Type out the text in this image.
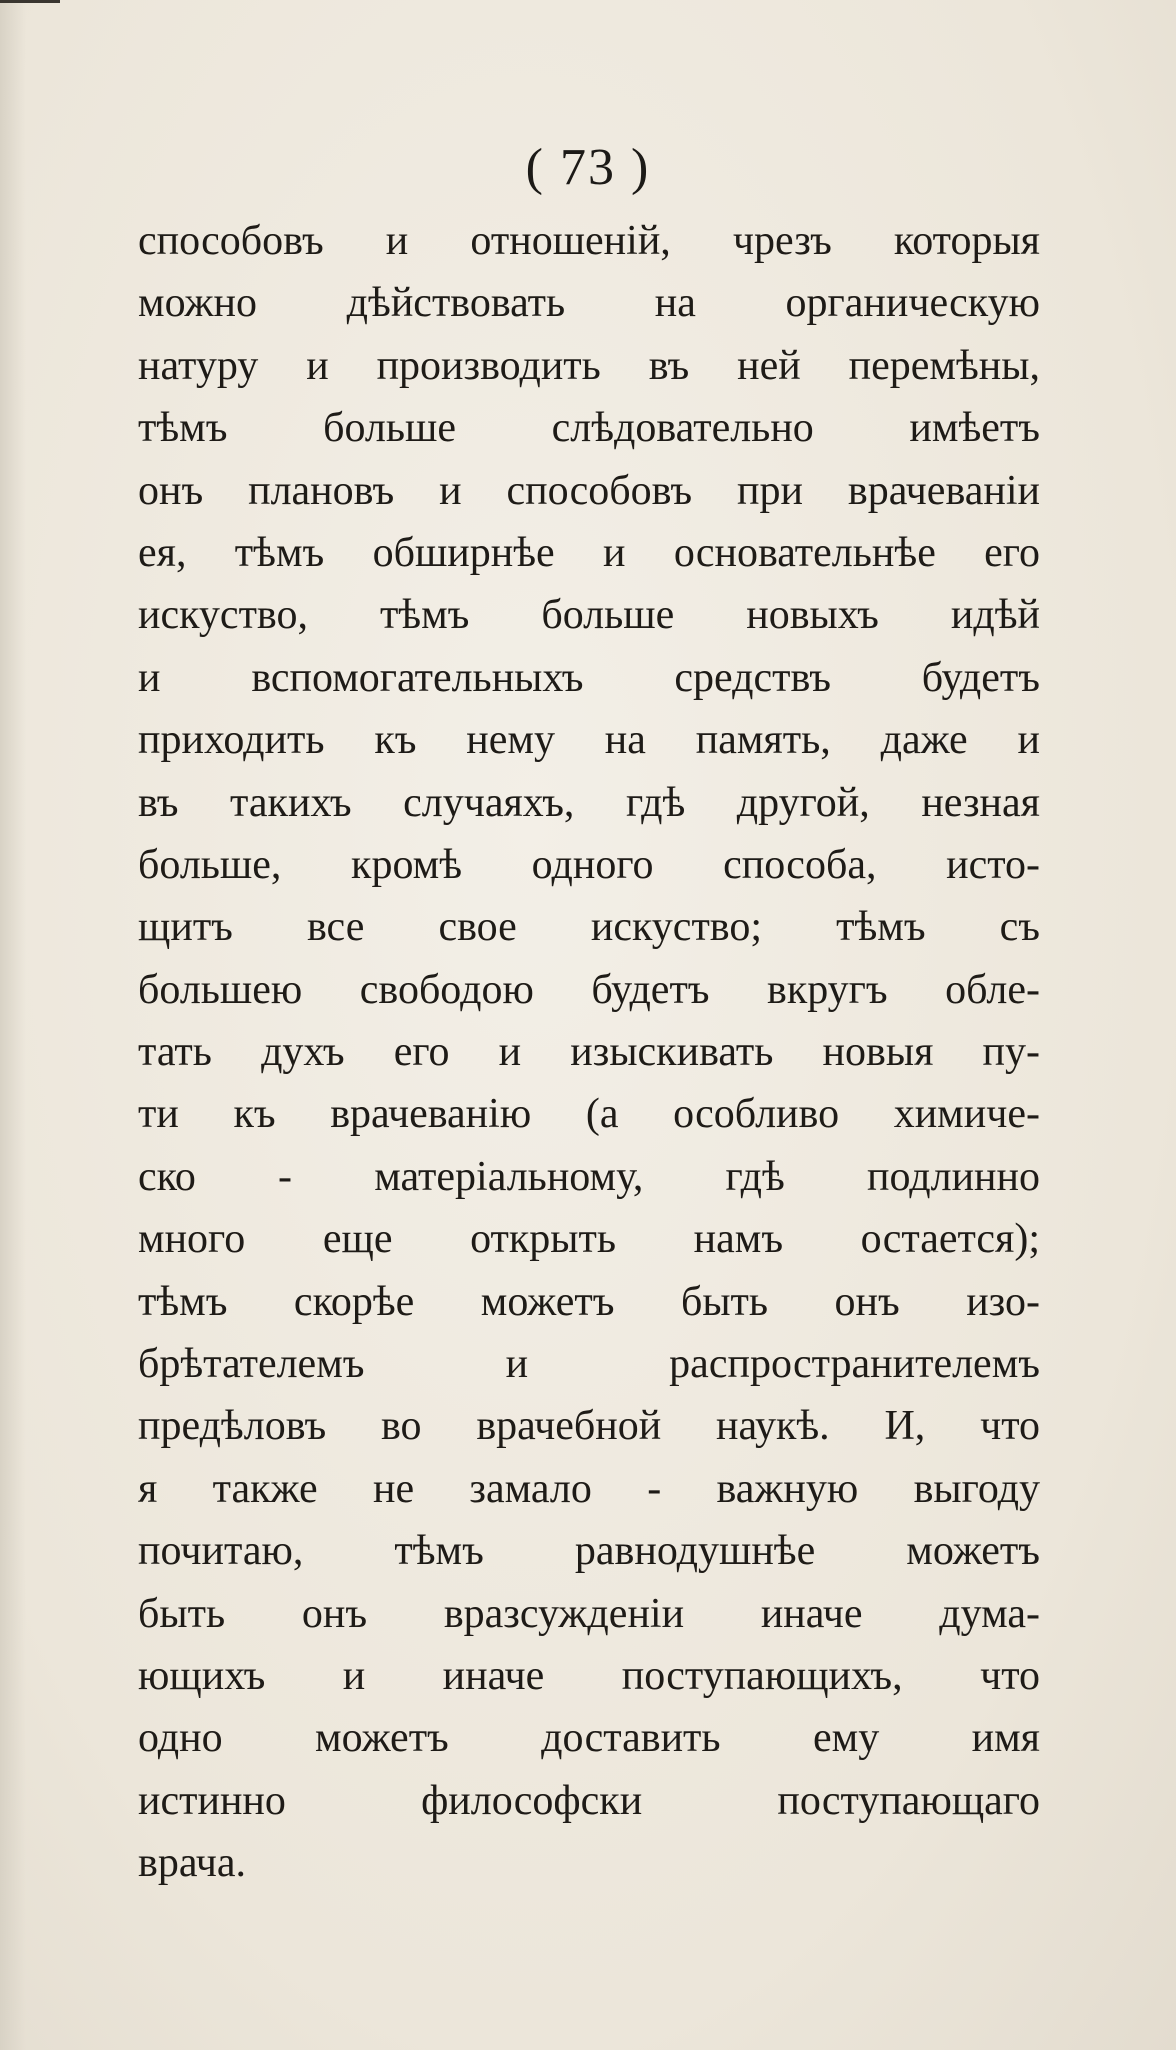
( 73 )
способовъ и отношенiй, чрезъ которыя
можно дѣйствовать на органическую
натуру и производить въ ней перемѣны,
тѣмъ больше слѣдовательно имѣетъ
онъ плановъ и способовъ при врачеванiи
ея, тѣмъ обширнѣе и основательнѣе его
искуство, тѣмъ больше новыхъ идѣй
и вспомогательныхъ средствъ будетъ
приходить къ нему на память, даже и
въ такихъ случаяхъ, гдѣ другой, незная
больше, кромѣ одного способа, исто-
щитъ все свое искуство; тѣмъ съ
большею свободою будетъ вкругъ обле-
тать духъ его и изыскивать новыя пу-
ти къ врачеванiю (а особливо химиче-
ско - матерiальному, гдѣ подлинно
много еще открыть намъ остается);
тѣмъ скорѣе можетъ быть онъ изо-
брѣтателемъ и распространителемъ
предѣловъ во врачебной наукѣ. И, что
я также не замало - важную выгоду
почитаю, тѣмъ равнодушнѣе можетъ
быть онъ вразсужденiи иначе дума-
ющихъ и иначе поступающихъ, что
одно можетъ доставить ему имя
истинно философски поступающаго
врача.
